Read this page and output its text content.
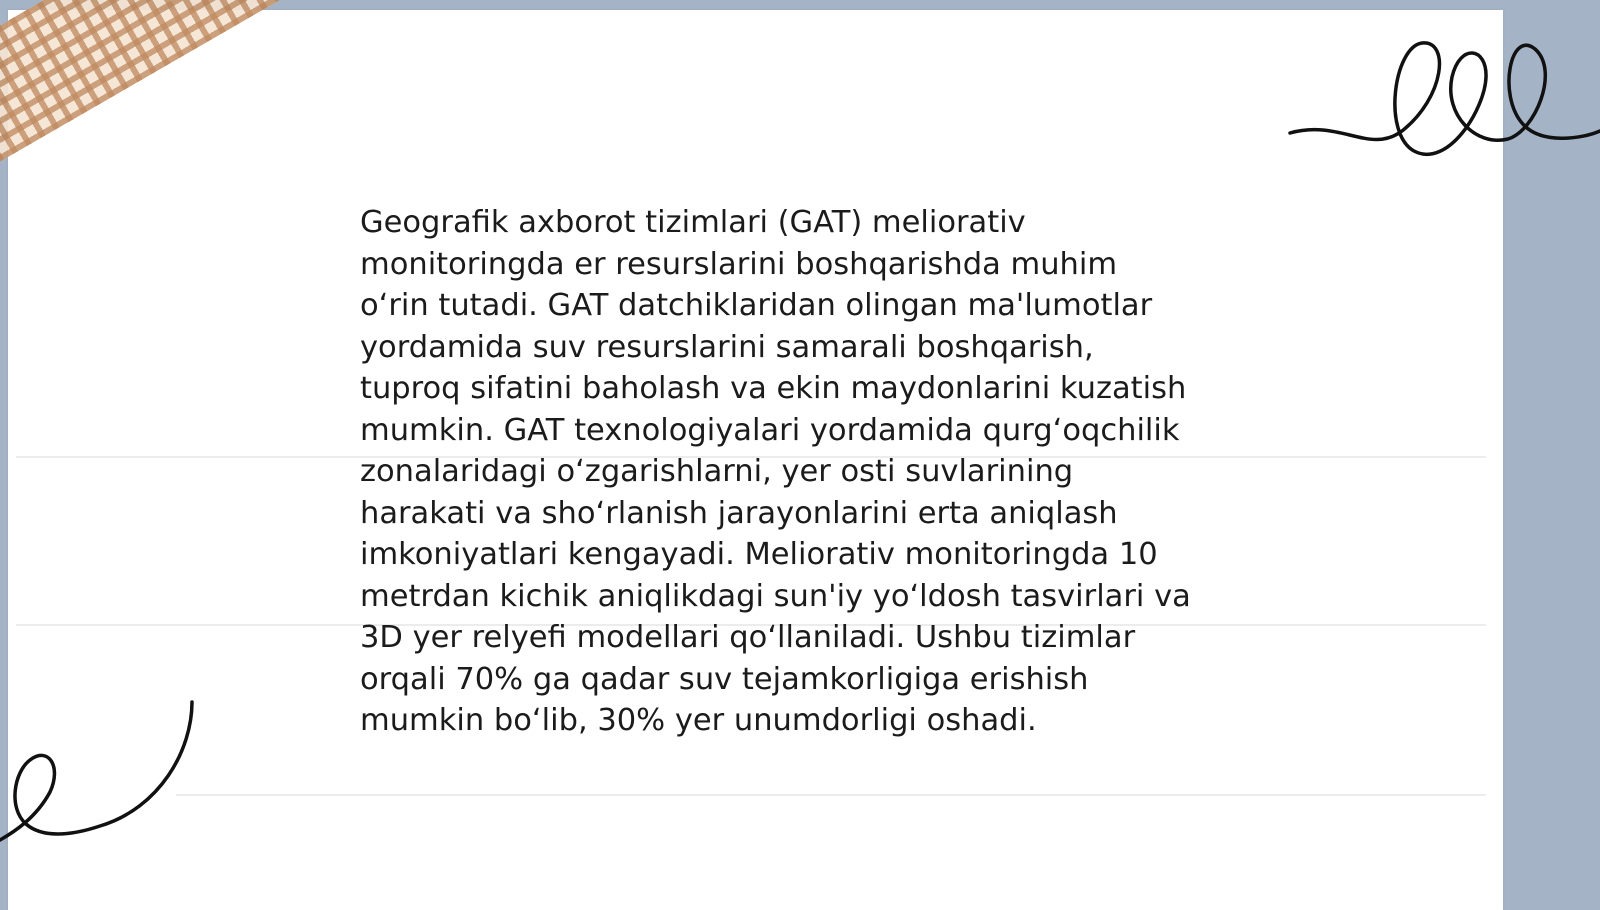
Geografik axborot tizimlari (GAT) meliorativ
monitoringda er resurslarini boshqarishda muhim
o‘rin tutadi. GAT datchiklaridan olingan ma'lumotlar
yordamida suv resurslarini samarali boshqarish,
tuproq sifatini baholash va ekin maydonlarini kuzatish
mumkin. GAT texnologiyalari yordamida qurg‘oqchilik
zonalaridagi o‘zgarishlarni, yer osti suvlarining
harakati va sho‘rlanish jarayonlarini erta aniqlash
imkoniyatlari kengayadi. Meliorativ monitoringda 10
metrdan kichik aniqlikdagi sun'iy yo‘ldosh tasvirlari va
3D yer relyefi modellari qo‘llaniladi. Ushbu tizimlar
orqali 70% ga qadar suv tejamkorligiga erishish
mumkin bo‘lib, 30% yer unumdorligi oshadi.
